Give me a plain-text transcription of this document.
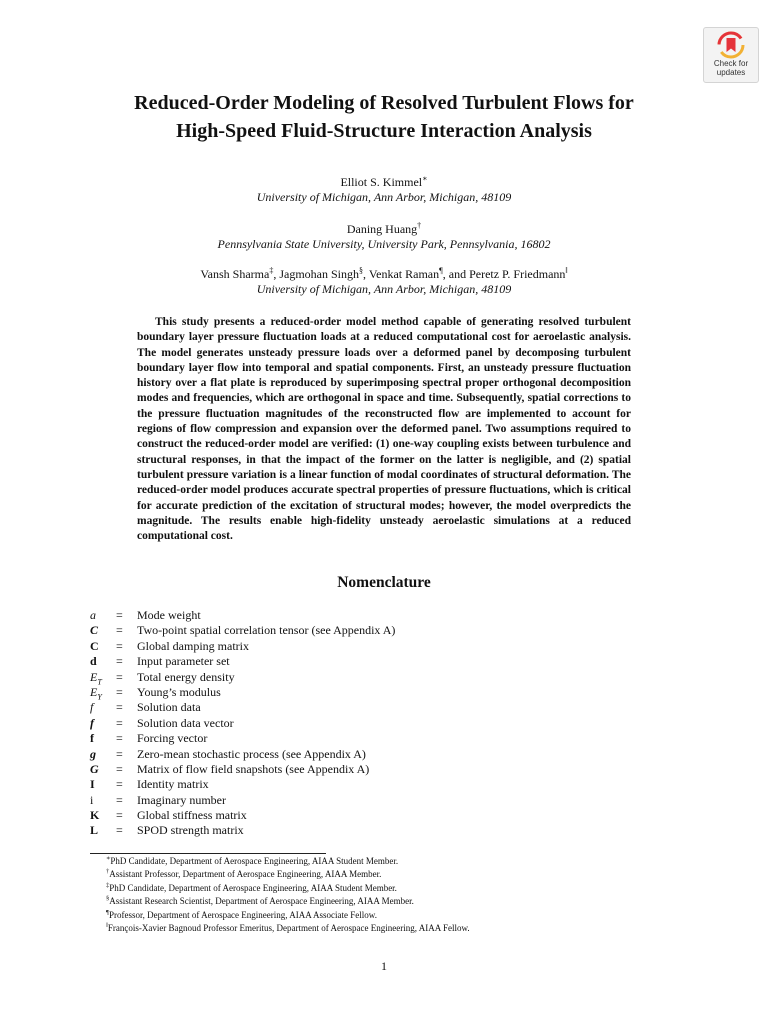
Check for
updates
Reduced-Order Modeling of Resolved Turbulent Flows for
High-Speed Fluid-Structure Interaction Analysis
Elliot S. Kimmel∗
University of Michigan, Ann Arbor, Michigan, 48109
Daning Huang†
Pennsylvania State University, University Park, Pennsylvania, 16802
Vansh Sharma‡, Jagmohan Singh§, Venkat Raman¶, and Peretz P. Friedmann‖
University of Michigan, Ann Arbor, Michigan, 48109

This study presents a reduced-order model method capable of generating resolved turbulent boundary layer pressure fluctuation loads at a reduced computational cost for aeroelastic analysis. The model generates unsteady pressure loads over a deformed panel by decomposing turbulent boundary layer flow into temporal and spatial components. First, an unsteady pressure fluctuation history over a flat plate is reproduced by superimposing spectral proper orthogonal decomposition modes and frequencies, which are orthogonal in space and time. Subsequently, spatial corrections to the pressure fluctuation magnitudes of the reconstructed flow are implemented to account for regions of flow compression and expansion over the deformed panel. Two assumptions required to construct the reduced-order model are verified: (1) one-way coupling exists between turbulence and structural responses, in that the impact of the former on the latter is negligible, and (2) spatial turbulent pressure variation is a linear function of modal coordinates of structural deformation. The reduced-order model produces accurate spectral properties of pressure fluctuations, which is critical for accurate prediction of the excitation of structural modes; however, the model overpredicts the magnitude. The results enable high-fidelity unsteady aeroelastic simulations at a reduced computational cost.

Nomenclature
a	=	Mode weight
C	=	Two-point spatial correlation tensor (see Appendix A)
C	=	Global damping matrix
d	=	Input parameter set
$E_T$	=	Total energy density
$E_Y$	=	Young’s modulus
f	=	Solution data
f	=	Solution data vector
f	=	Forcing vector
g	=	Zero-mean stochastic process (see Appendix A)
G	=	Matrix of flow field snapshots (see Appendix A)
I	=	Identity matrix
i	=	Imaginary number
K	=	Global stiffness matrix
L	=	SPOD strength matrix
∗PhD Candidate, Department of Aerospace Engineering, AIAA Student Member.
†Assistant Professor, Department of Aerospace Engineering, AIAA Member.
‡PhD Candidate, Department of Aerospace Engineering, AIAA Student Member.
§Assistant Research Scientist, Department of Aerospace Engineering, AIAA Member.
¶Professor, Department of Aerospace Engineering, AIAA Associate Fellow.
‖François-Xavier Bagnoud Professor Emeritus, Department of Aerospace Engineering, AIAA Fellow.
1
